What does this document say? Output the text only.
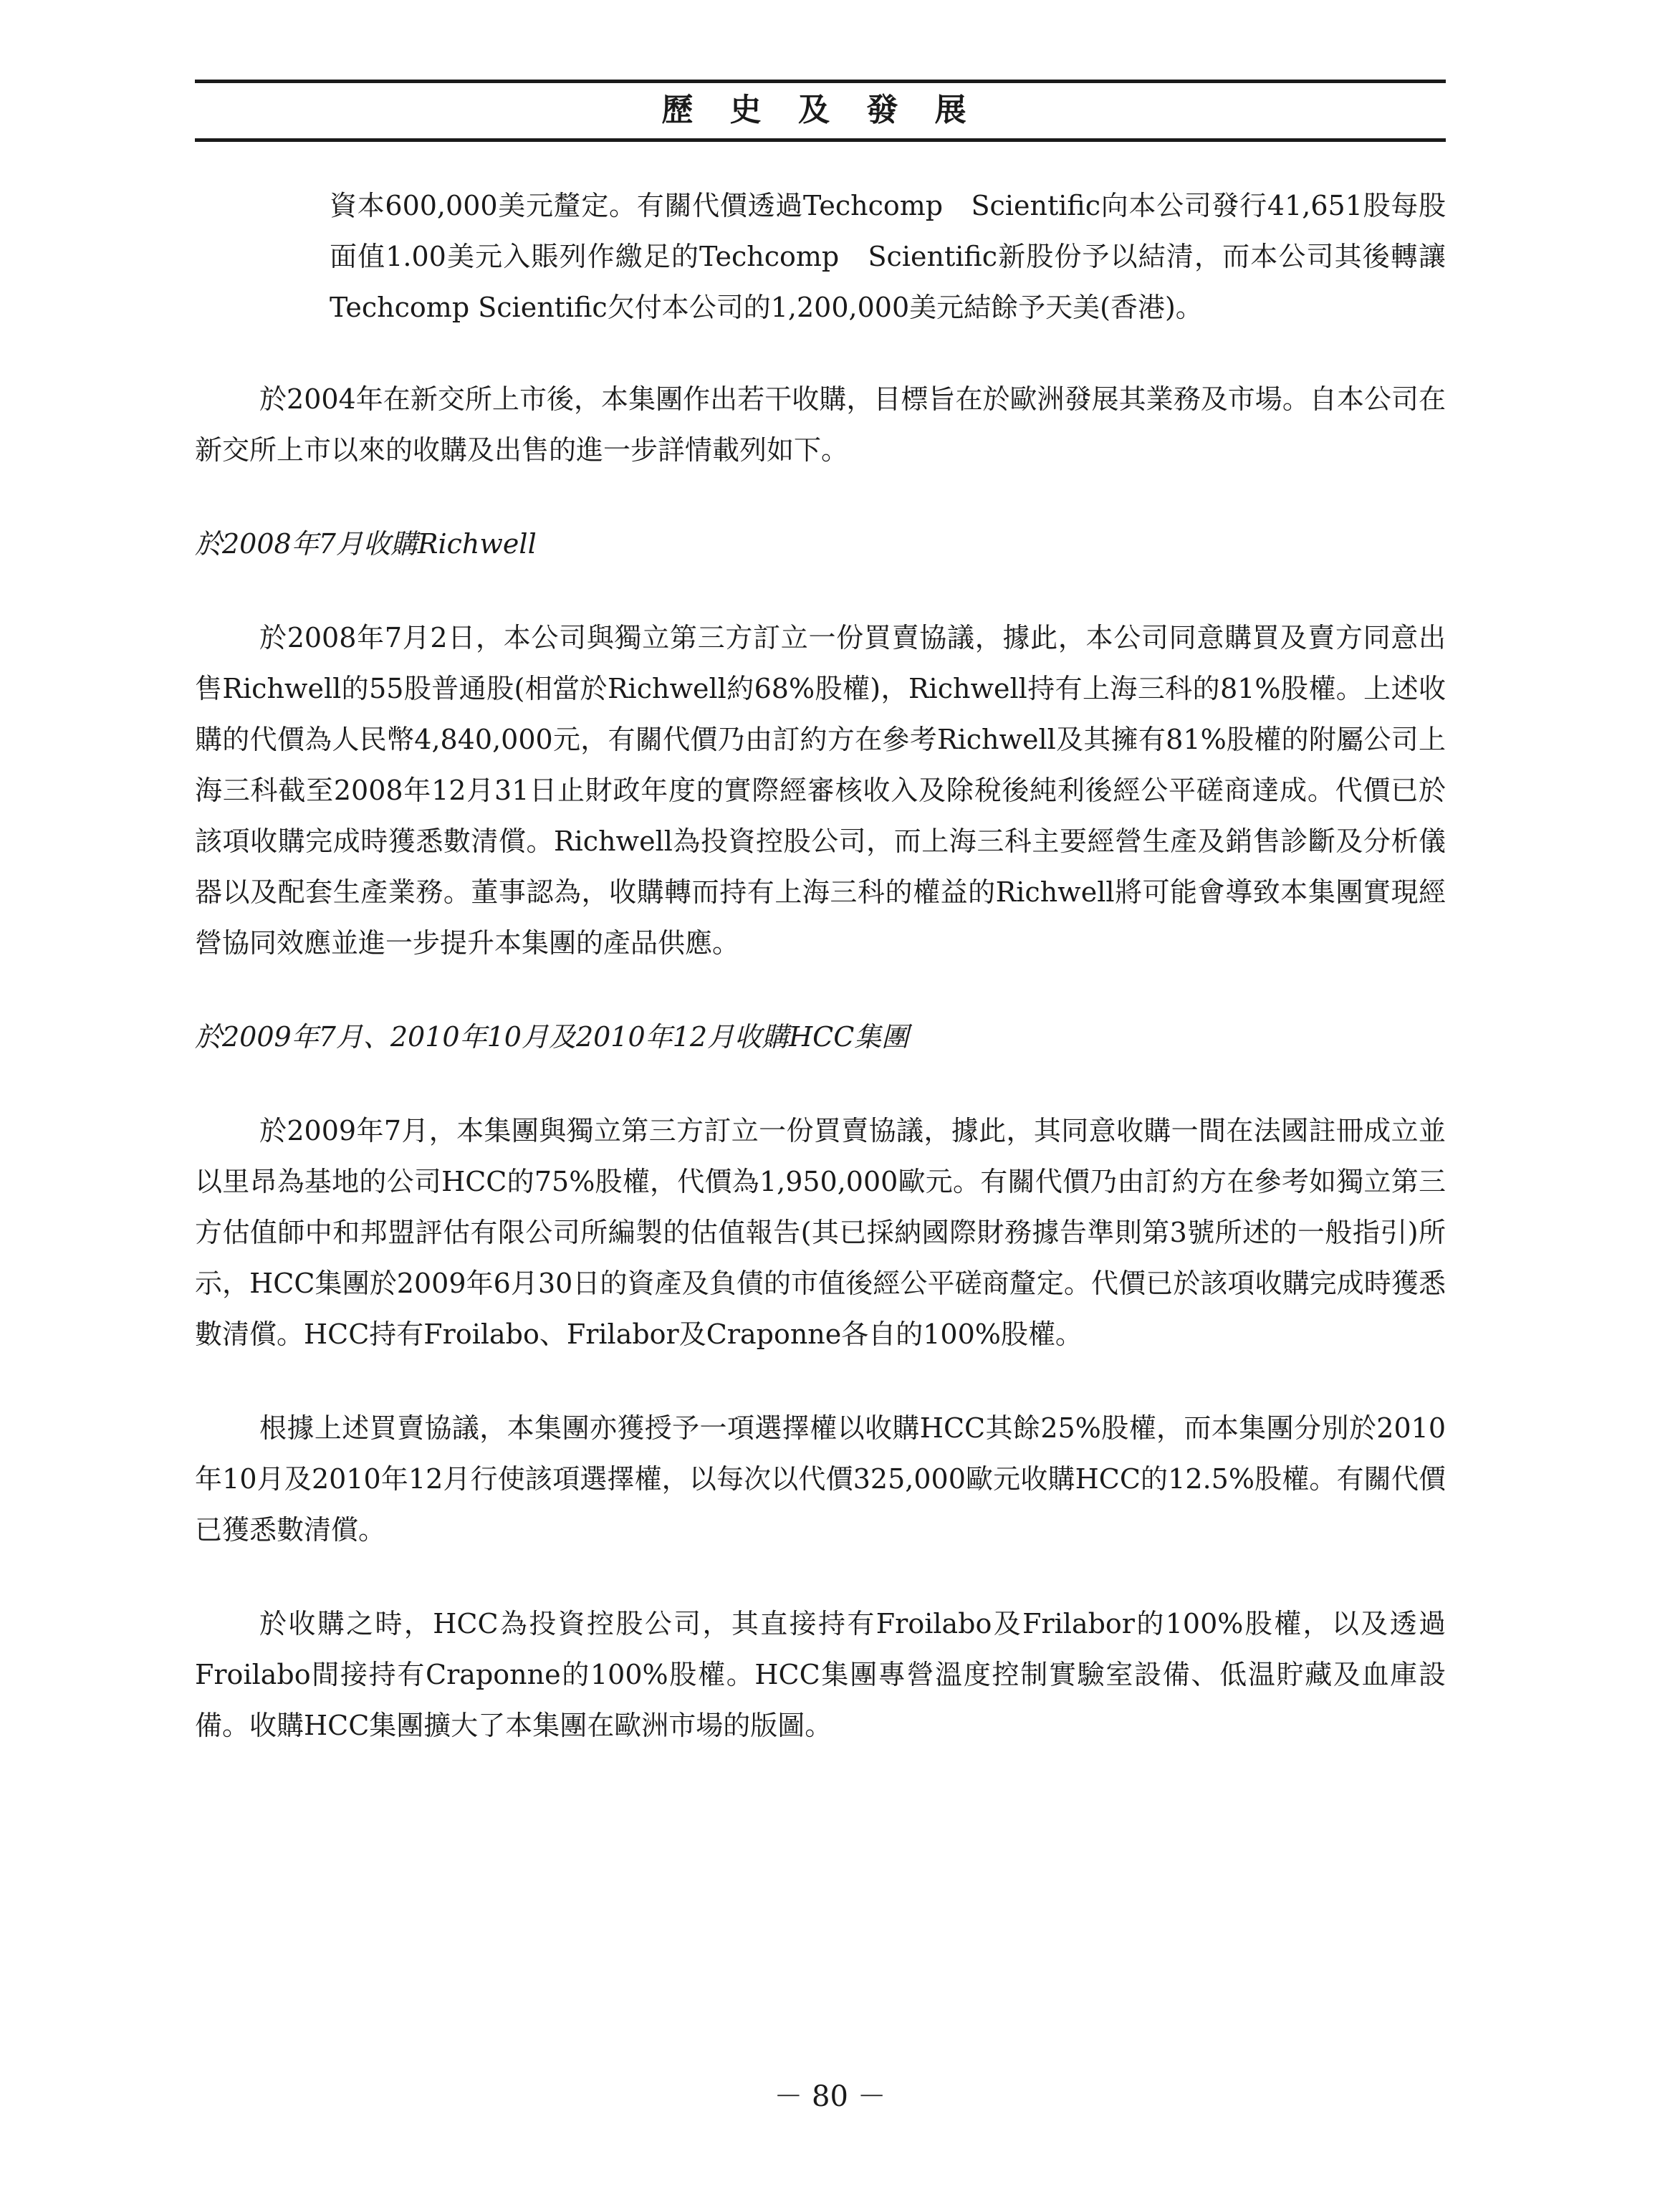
歷 史 及 發 展

資本600,000美元釐定。有關代價透過Techcomp　Scientific向本公司發行41,651股每股面值1.00美元入賬列作繳足的Techcomp　Scientific新股份予以結清，而本公司其後轉讓Techcomp Scientific欠付本公司的1,200,000美元結餘予天美(香港)。

於2004年在新交所上市後，本集團作出若干收購，目標旨在於歐洲發展其業務及市場。自本公司在新交所上市以來的收購及出售的進一步詳情載列如下。

於2008年7月收購Richwell

於2008年7月2日，本公司與獨立第三方訂立一份買賣協議，據此，本公司同意購買及賣方同意出售Richwell的55股普通股(相當於Richwell約68%股權)，Richwell持有上海三科的81%股權。上述收購的代價為人民幣4,840,000元，有關代價乃由訂約方在參考Richwell及其擁有81%股權的附屬公司上海三科截至2008年12月31日止財政年度的實際經審核收入及除稅後純利後經公平磋商達成。代價已於該項收購完成時獲悉數清償。Richwell為投資控股公司，而上海三科主要經營生產及銷售診斷及分析儀器以及配套生產業務。董事認為，收購轉而持有上海三科的權益的Richwell將可能會導致本集團實現經營協同效應並進一步提升本集團的產品供應。

於2009年7月、2010年10月及2010年12月收購HCC集團

於2009年7月，本集團與獨立第三方訂立一份買賣協議，據此，其同意收購一間在法國註冊成立並以里昂為基地的公司HCC的75%股權，代價為1,950,000歐元。有關代價乃由訂約方在參考如獨立第三方估值師中和邦盟評估有限公司所編製的估值報告(其已採納國際財務據告準則第3號所述的一般指引)所示，HCC集團於2009年6月30日的資產及負債的市值後經公平磋商釐定。代價已於該項收購完成時獲悉數清償。HCC持有Froilabo、Frilabor及Craponne各自的100%股權。

根據上述買賣協議，本集團亦獲授予一項選擇權以收購HCC其餘25%股權，而本集團分別於2010年10月及2010年12月行使該項選擇權，以每次以代價325,000歐元收購HCC的12.5%股權。有關代價已獲悉數清償。

於收購之時，HCC為投資控股公司，其直接持有Froilabo及Frilabor的100%股權，以及透過Froilabo間接持有Craponne的100%股權。HCC集團專營溫度控制實驗室設備、低温貯藏及血庫設備。收購HCC集團擴大了本集團在歐洲市場的版圖。

－ 80 －
